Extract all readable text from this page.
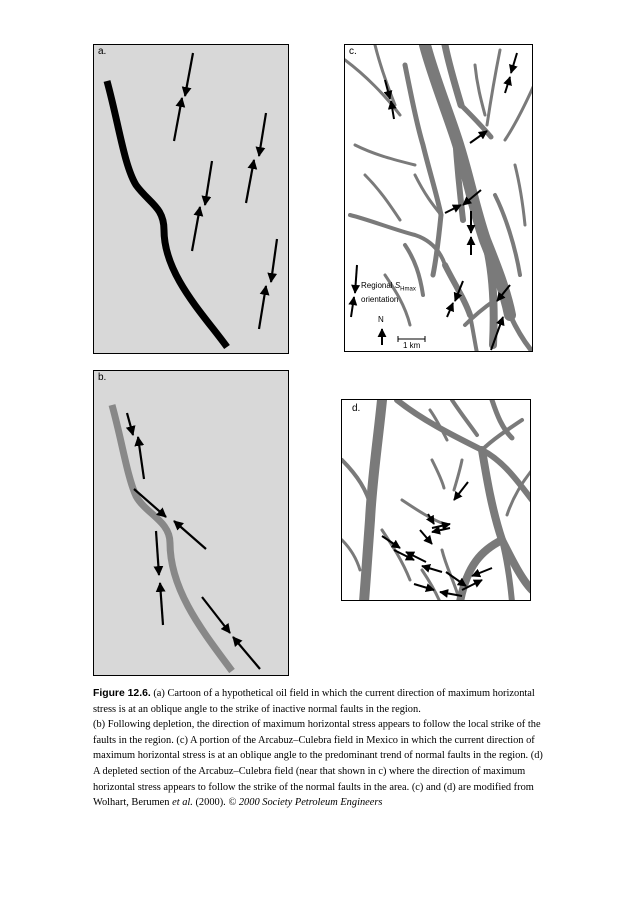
a.
b.
c.
Regional $S_{Hmax}$
orientation
N
1 km
d.
Figure 12.6. (a) Cartoon of a hypothetical oil field in which the current direction of maximum horizontal stress is at an oblique angle to the strike of inactive normal faults in the region.
(b) Following depletion, the direction of maximum horizontal stress appears to follow the local strike of the faults in the region. (c) A portion of the Arcabuz–Culebra field in Mexico in which the current direction of maximum horizontal stress is at an oblique angle to the predominant trend of normal faults in the region. (d) A depleted section of the Arcabuz–Culebra field (near that shown in c) where the direction of maximum horizontal stress appears to follow the strike of the normal faults in the area. (c) and (d) are modified from Wolhart, Berumen et al. (2000). © 2000 Society Petroleum Engineers
